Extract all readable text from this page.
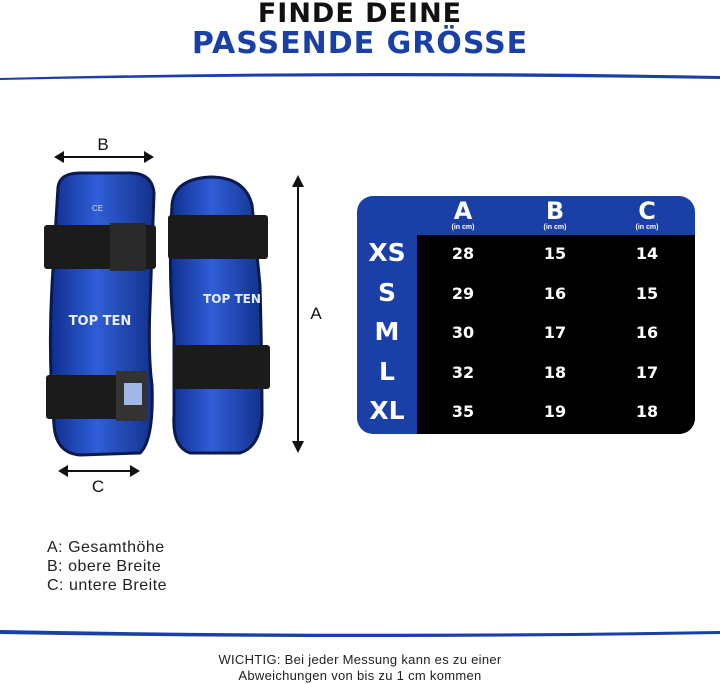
FINDE DEINE
PASSENDE GRÖSSE
B
TOP TEN
CE
TOP TEN
C
A
A
(in cm)
B
(in cm)
C
(in cm)
XS	28	15	14
S	29	16	15
M	30	17	16
L	32	18	17
XL	35	19	18
A: Gesamthöhe
B: obere Breite
C: untere Breite
WICHTIG: Bei jeder Messung kann es zu einer
Abweichungen von bis zu 1 cm kommen
